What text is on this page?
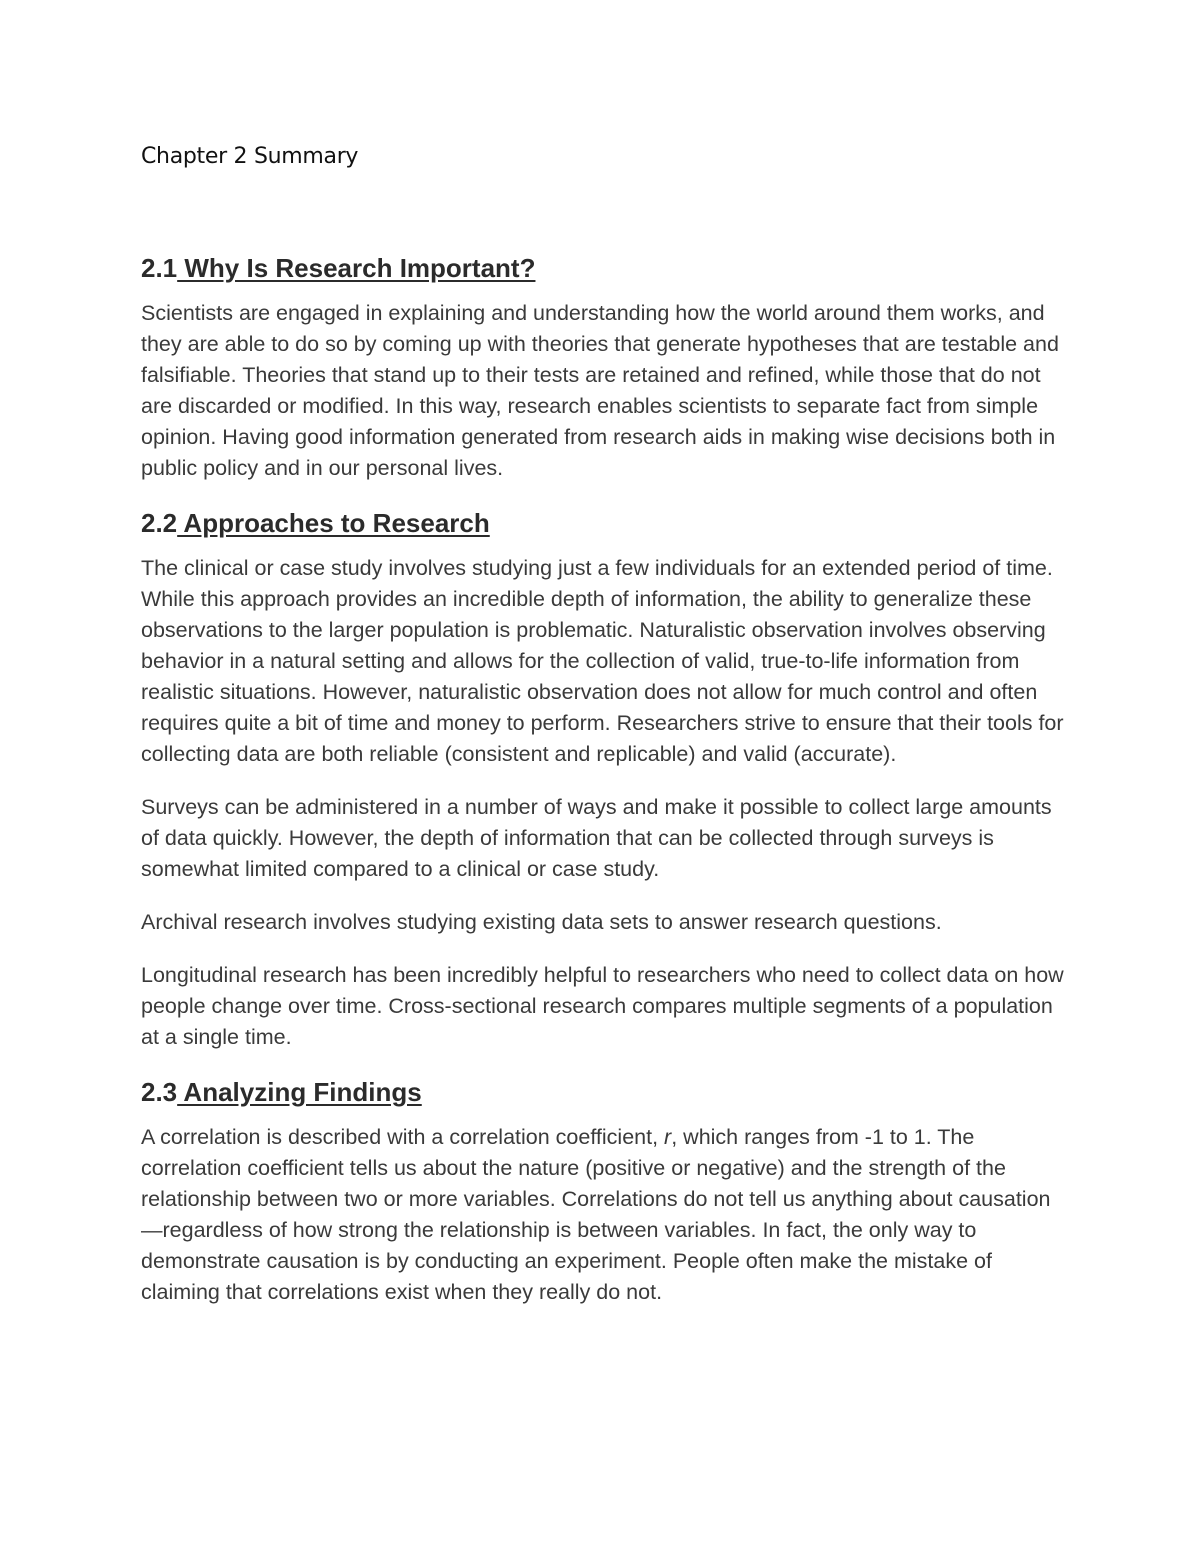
Chapter 2 Summary
2.1 Why Is Research Important?

Scientists are engaged in explaining and understanding how the world around them works, and they are able to do so by coming up with theories that generate hypotheses that are testable and falsifiable. Theories that stand up to their tests are retained and refined, while those that do not are discarded or modified. In this way, research enables scientists to separate fact from simple opinion. Having good information generated from research aids in making wise decisions both in public policy and in our personal lives.

2.2 Approaches to Research

The clinical or case study involves studying just a few individuals for an extended period of time. While this approach provides an incredible depth of information, the ability to generalize these observations to the larger population is problematic. Naturalistic observation involves observing behavior in a natural setting and allows for the collection of valid, true-to-life information from realistic situations. However, naturalistic observation does not allow for much control and often requires quite a bit of time and money to perform. Researchers strive to ensure that their tools for collecting data are both reliable (consistent and replicable) and valid (accurate).

Surveys can be administered in a number of ways and make it possible to collect large amounts of data quickly. However, the depth of information that can be collected through surveys is somewhat limited compared to a clinical or case study.

Archival research involves studying existing data sets to answer research questions.

Longitudinal research has been incredibly helpful to researchers who need to collect data on how people change over time. Cross-sectional research compares multiple segments of a population at a single time.

2.3 Analyzing Findings

A correlation is described with a correlation coefficient, r, which ranges from -1 to 1. The correlation coefficient tells us about the nature (positive or negative) and the strength of the relationship between two or more variables. Correlations do not tell us anything about causation—regardless of how strong the relationship is between variables. In fact, the only way to demonstrate causation is by conducting an experiment. People often make the mistake of claiming that correlations exist when they really do not.
